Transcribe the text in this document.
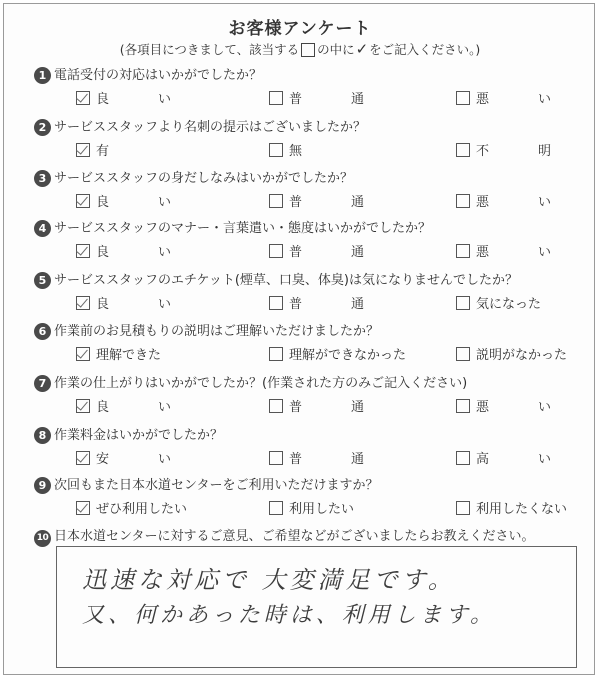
お客様アンケート
(各項目につきまして、該当する の中に✓をご記入ください。)
1 電話受付の対応はいかがでしたか？
良　い	普　通	悪　い
2 サービススタッフより名刺の提示はございましたか？
有	無	不　明
3 サービススタッフの身だしなみはいかがでしたか？
良　い	普　通	悪　い
4 サービススタッフのマナー・言葉遣い・態度はいかがでしたか？
良　い	普　通	悪　い
5 サービススタッフのエチケット(煙草、口臭、体臭)は気になりませんでしたか？
良　い	普　通	気になった
6 作業前のお見積もりの説明はご理解いただけましたか？
理解できた	理解ができなかった	説明がなかった
7 作業の仕上がりはいかがでしたか？(作業された方のみご記入ください)
良　い	普　通	悪　い
8 作業料金はいかがでしたか？
安　い	普　通	高　い
9 次回もまた日本水道センターをご利用いただけますか？
ぜひ利用したい	利用したい	利用したくない
10 日本水道センターに対するご意見、ご希望などがございましたらお教えください。
迅速な対応で 大変満足です。
又、何かあった時は、利用します。
